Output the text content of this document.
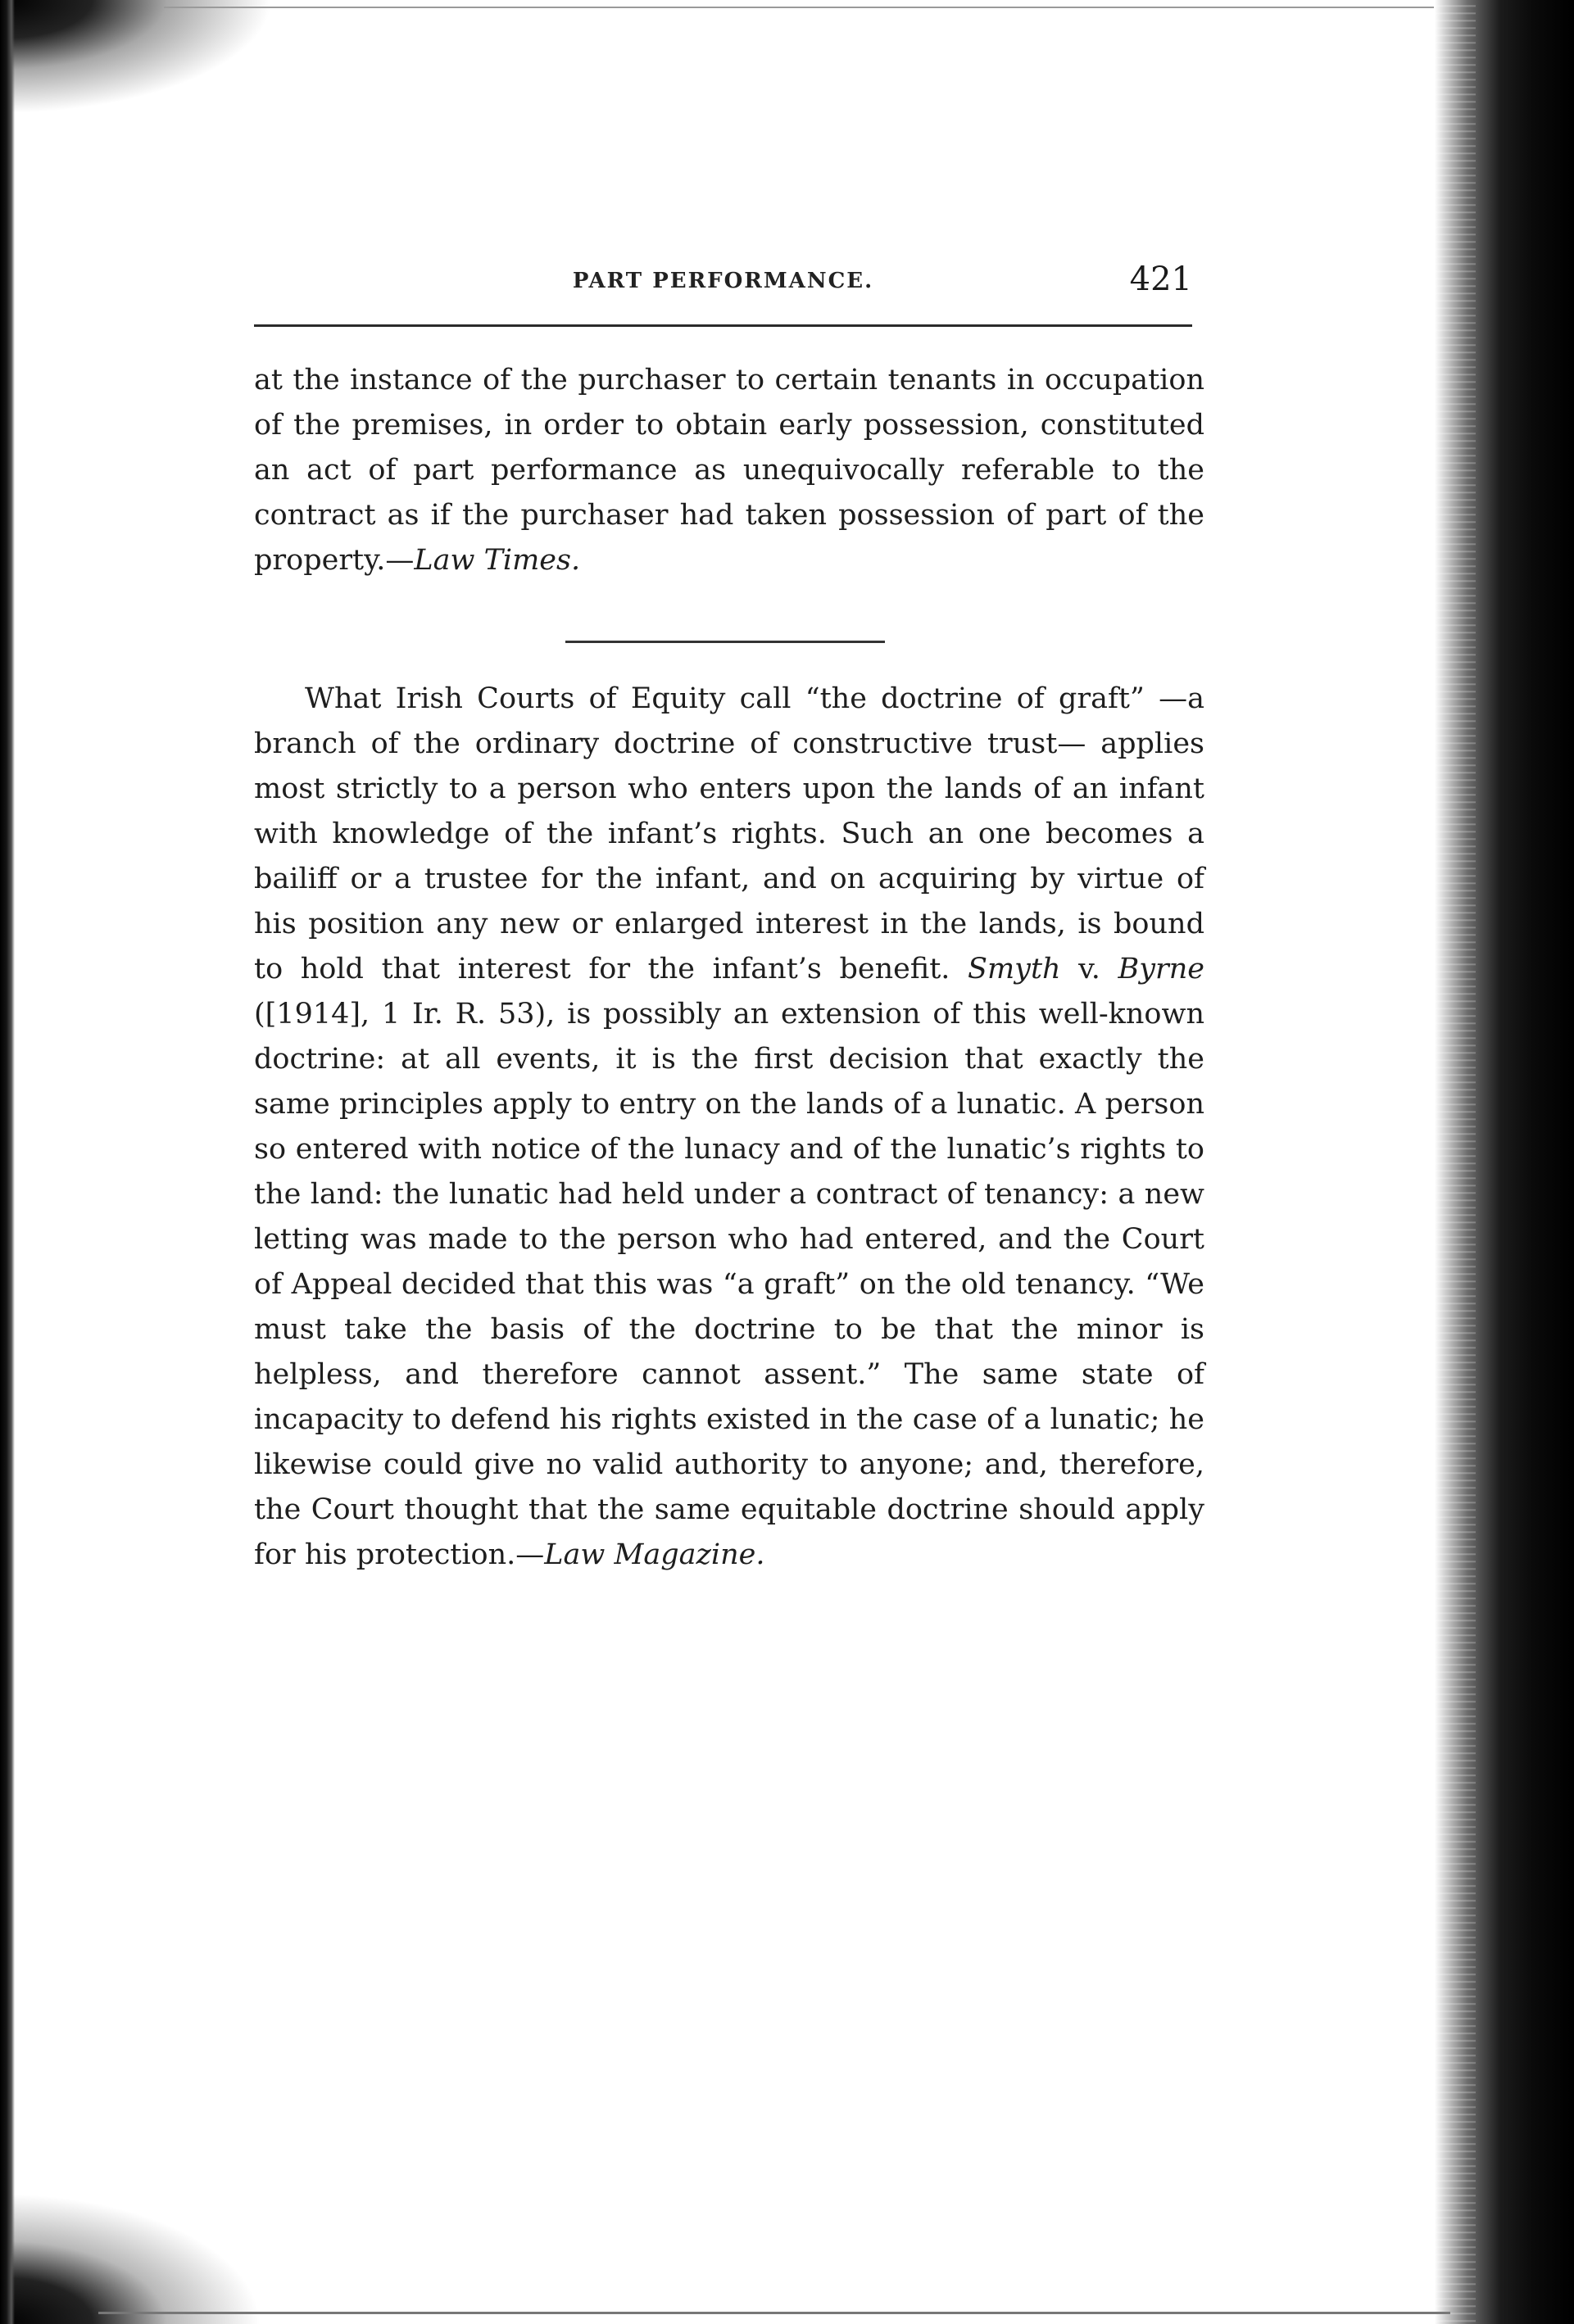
PART PERFORMANCE.	421
at the instance of the purchaser to certain tenants in occupation of the premises, in order to obtain early possession, constituted an act of part performance as unequivocally referable to the contract as if the purchaser had taken possession of part of the property.—Law Times.
What Irish Courts of Equity call “the doctrine of graft” —a branch of the ordinary doctrine of constructive trust— applies most strictly to a person who enters upon the lands of an infant with knowledge of the infant’s rights. Such an one becomes a bailiff or a trustee for the infant, and on acquiring by virtue of his position any new or enlarged interest in the lands, is bound to hold that interest for the infant’s benefit. Smyth v. Byrne ([1914], 1 Ir. R. 53), is possibly an extension of this well-known doctrine: at all events, it is the first decision that exactly the same principles apply to entry on the lands of a lunatic. A person so entered with notice of the lunacy and of the lunatic’s rights to the land: the lunatic had held under a contract of tenancy: a new letting was made to the person who had entered, and the Court of Appeal decided that this was “a graft” on the old tenancy. “We must take the basis of the doctrine to be that the minor is helpless, and therefore cannot assent.” The same state of incapacity to defend his rights existed in the case of a lunatic; he likewise could give no valid authority to anyone; and, therefore, the Court thought that the same equitable doctrine should apply for his protection.—Law Magazine.
